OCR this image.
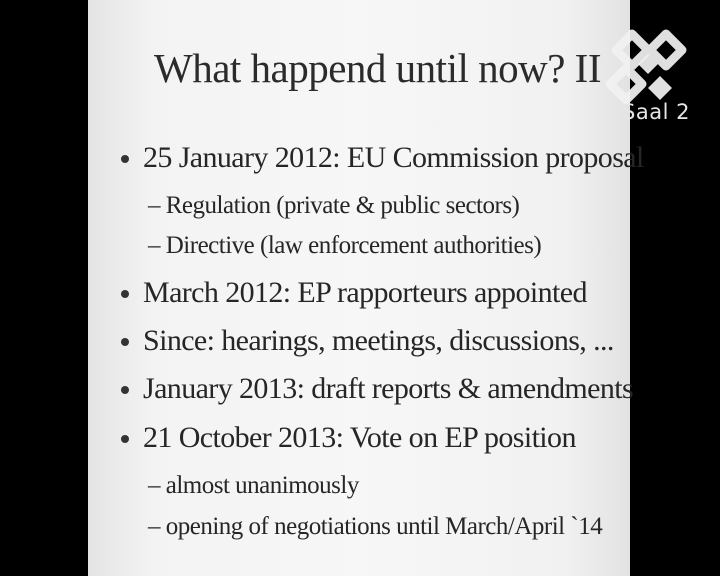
What happend until now? II
25 January 2012: EU Commission proposal
– Regulation (private & public sectors)
– Directive (law enforcement authorities)
March 2012: EP rapporteurs appointed
Since: hearings, meetings, discussions, ...
January 2013: draft reports & amendments
21 October 2013: Vote on EP position
– almost unanimously
– opening of negotiations until March/April `14
Saal 2
